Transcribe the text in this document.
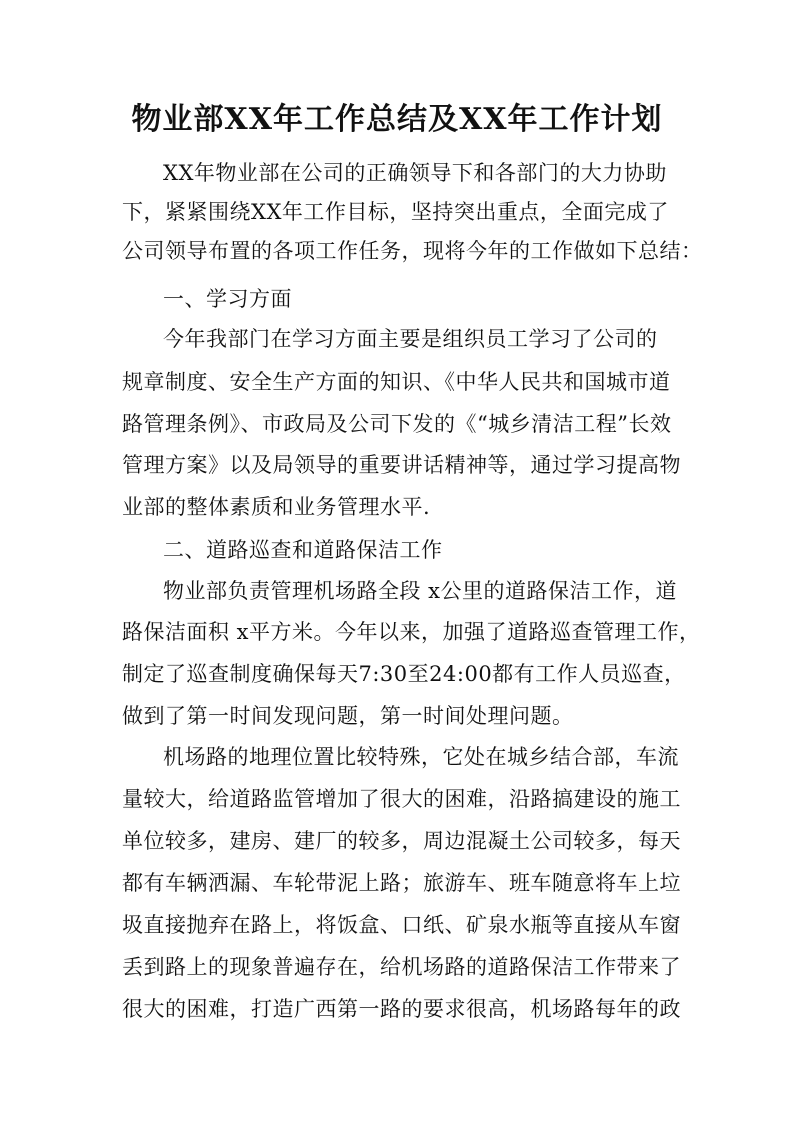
物业部XX年工作总结及XX年工作计划
XX年物业部在公司的正确领导下和各部门的大力协助
下，紧紧围绕XX年工作目标，坚持突出重点，全面完成了
公司领导布置的各项工作任务，现将今年的工作做如下总结：
一、学习方面
今年我部门在学习方面主要是组织员工学习了公司的
规章制度、安全生产方面的知识、《中华人民共和国城市道
路管理条例》、市政局及公司下发的《“城乡清洁工程”长效
管理方案》以及局领导的重要讲话精神等，通过学习提高物
业部的整体素质和业务管理水平.
二、道路巡查和道路保洁工作
物业部负责管理机场路全段 x公里的道路保洁工作，道
路保洁面积 x平方米。今年以来，加强了道路巡查管理工作，
制定了巡查制度确保每天7:30至24:00都有工作人员巡查，
做到了第一时间发现问题，第一时间处理问题。
机场路的地理位置比较特殊，它处在城乡结合部，车流
量较大，给道路监管增加了很大的困难，沿路搞建设的施工
单位较多，建房、建厂的较多，周边混凝土公司较多，每天
都有车辆洒漏、车轮带泥上路；旅游车、班车随意将车上垃
圾直接抛弃在路上，将饭盒、口纸、矿泉水瓶等直接从车窗
丢到路上的现象普遍存在，给机场路的道路保洁工作带来了
很大的困难，打造广西第一路的要求很高，机场路每年的政
